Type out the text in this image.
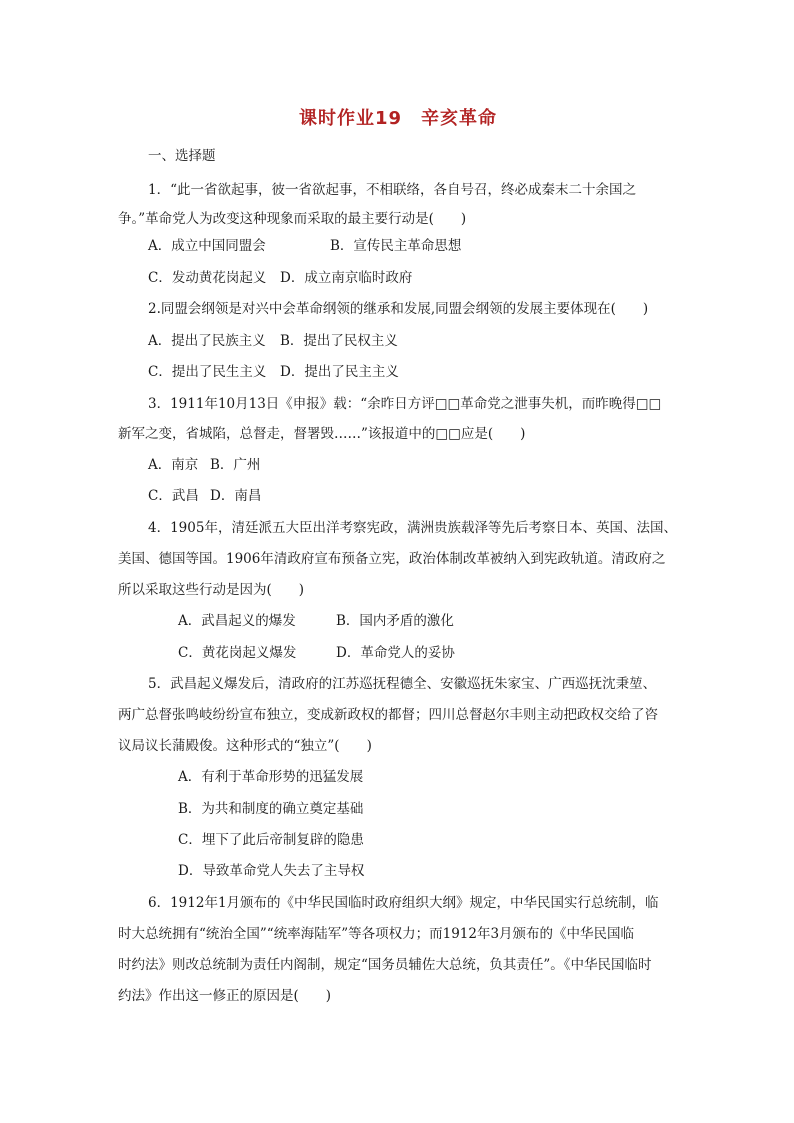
课时作业19　辛亥革命
一、选择题
1．“此一省欲起事，彼一省欲起事，不相联络，各自号召，终必成秦末二十余国之
争。”革命党人为改变这种现象而采取的最主要行动是(　　)
A．成立中国同盟会	B．宣传民主革命思想
C．发动黄花岗起义 D．成立南京临时政府
2.同盟会纲领是对兴中会革命纲领的继承和发展,同盟会纲领的发展主要体现在(　　)
A．提出了民族主义 B．提出了民权主义
C．提出了民生主义 D．提出了民主主义
3．1911年10月13日《申报》载：“余昨日方评□□革命党之泄事失机，而昨晚得□□
新军之变，省城陷，总督走，督署毁……”该报道中的□□应是(　　)
A．南京 B．广州
C．武昌 D．南昌
4．1905年，清廷派五大臣出洋考察宪政，满洲贵族载泽等先后考察日本、英国、法国、
美国、德国等国。1906年清政府宣布预备立宪，政治体制改革被纳入到宪政轨道。清政府之
所以采取这些行动是因为(　　)
A．武昌起义的爆发	B．国内矛盾的激化
C．黄花岗起义爆发	D．革命党人的妥协
5．武昌起义爆发后，清政府的江苏巡抚程德全、安徽巡抚朱家宝、广西巡抚沈秉堃、
两广总督张鸣岐纷纷宣布独立，变成新政权的都督；四川总督赵尔丰则主动把政权交给了咨
议局议长蒲殿俊。这种形式的“独立”(　　)
A．有利于革命形势的迅猛发展
B．为共和制度的确立奠定基础
C．埋下了此后帝制复辟的隐患
D．导致革命党人失去了主导权
6．1912年1月颁布的《中华民国临时政府组织大纲》规定，中华民国实行总统制，临
时大总统拥有“统治全国”“统率海陆军”等各项权力；而1912年3月颁布的《中华民国临
时约法》则改总统制为责任内阁制，规定“国务员辅佐大总统，负其责任”。《中华民国临时
约法》作出这一修正的原因是(　　)
